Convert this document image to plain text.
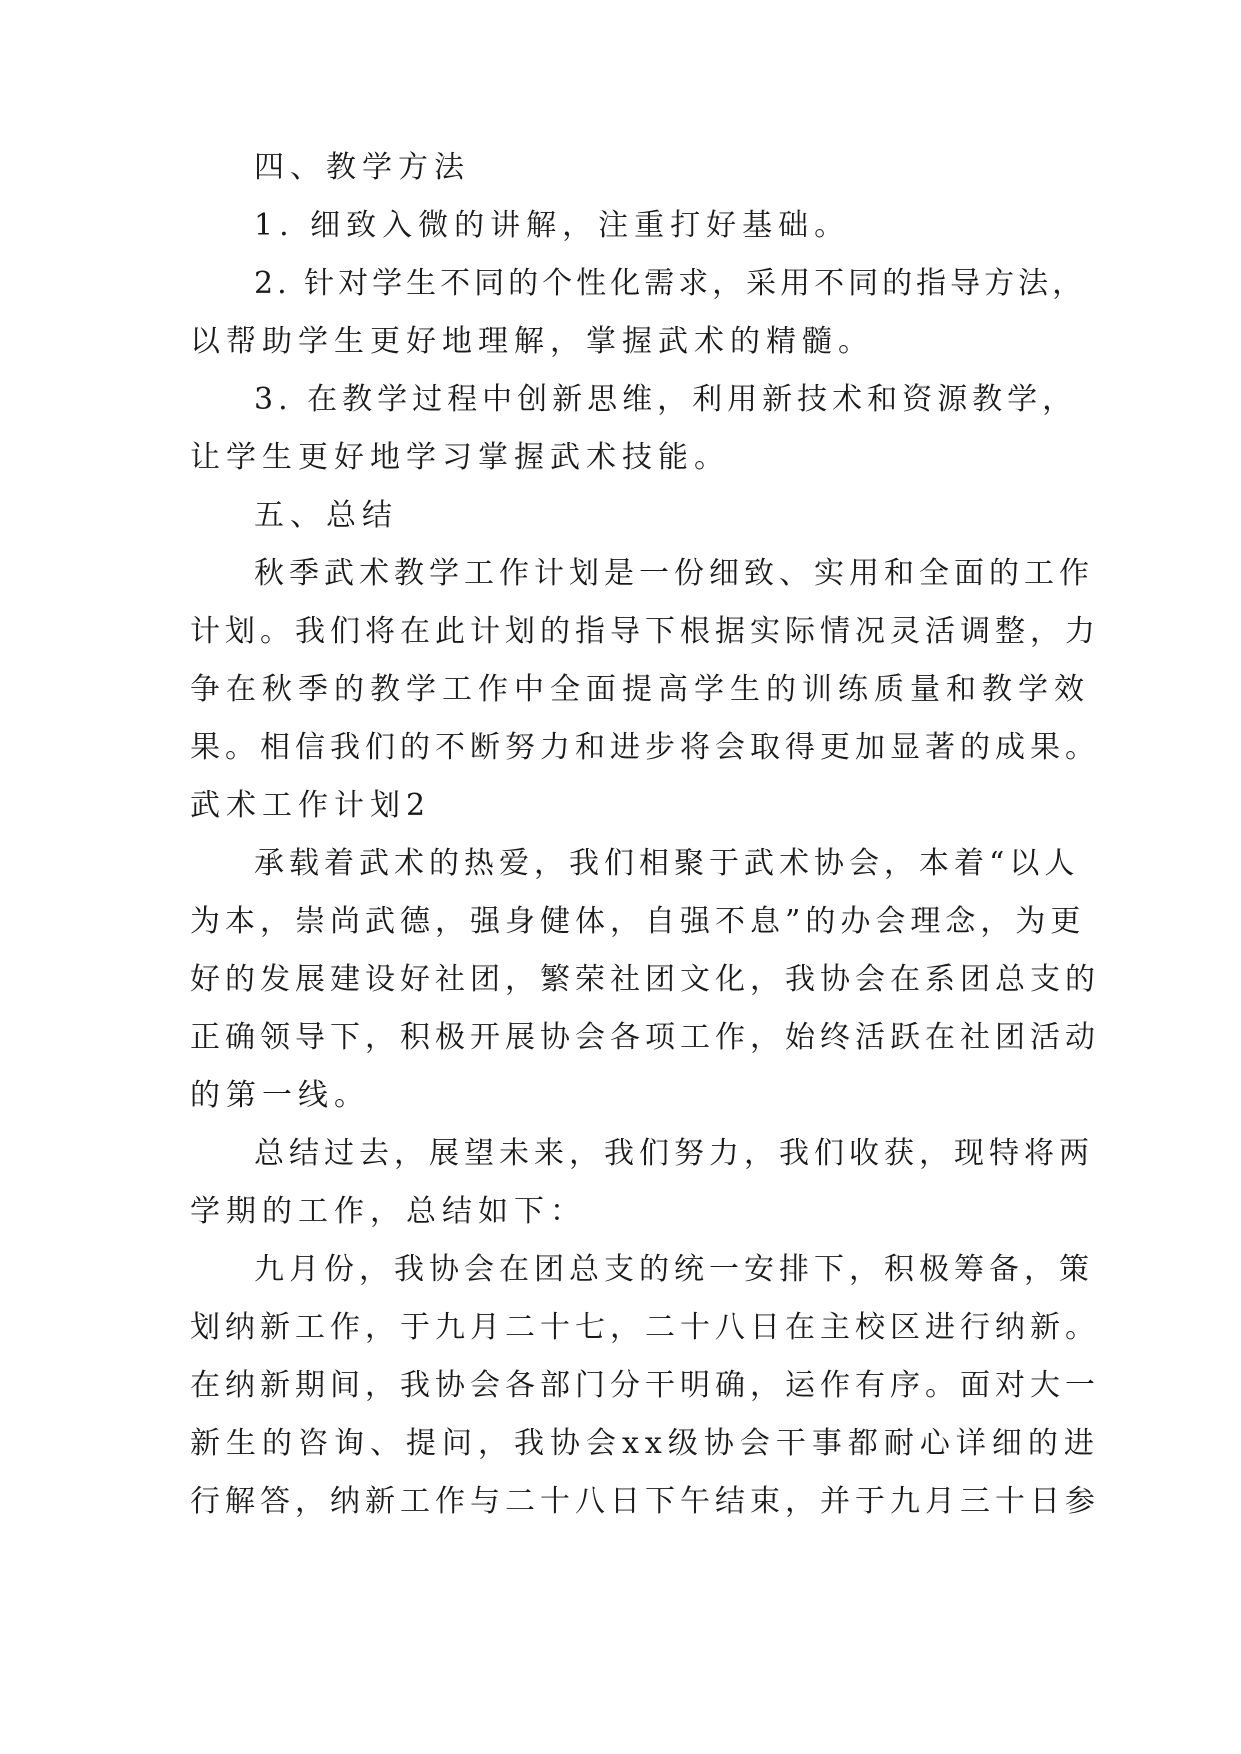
四、教学方法
1. 细致入微的讲解，注重打好基础。
2. 针对学生不同的个性化需求，采用不同的指导方法，
以帮助学生更好地理解，掌握武术的精髓。
3. 在教学过程中创新思维，利用新技术和资源教学，
让学生更好地学习掌握武术技能。
五、总结
秋季武术教学工作计划是一份细致、实用和全面的工作
计划。我们将在此计划的指导下根据实际情况灵活调整，力
争在秋季的教学工作中全面提高学生的训练质量和教学效
果。相信我们的不断努力和进步将会取得更加显著的成果。
武术工作计划2
承载着武术的热爱，我们相聚于武术协会，本着“以人
为本，崇尚武德，强身健体，自强不息”的办会理念，为更
好的发展建设好社团，繁荣社团文化，我协会在系团总支的
正确领导下，积极开展协会各项工作，始终活跃在社团活动
的第一线。
总结过去，展望未来，我们努力，我们收获，现特将两
学期的工作，总结如下：
九月份，我协会在团总支的统一安排下，积极筹备，策
划纳新工作，于九月二十七，二十八日在主校区进行纳新。
在纳新期间，我协会各部门分干明确，运作有序。面对大一
新生的咨询、提问，我协会xx级协会干事都耐心详细的进
行解答，纳新工作与二十八日下午结束，并于九月三十日参
